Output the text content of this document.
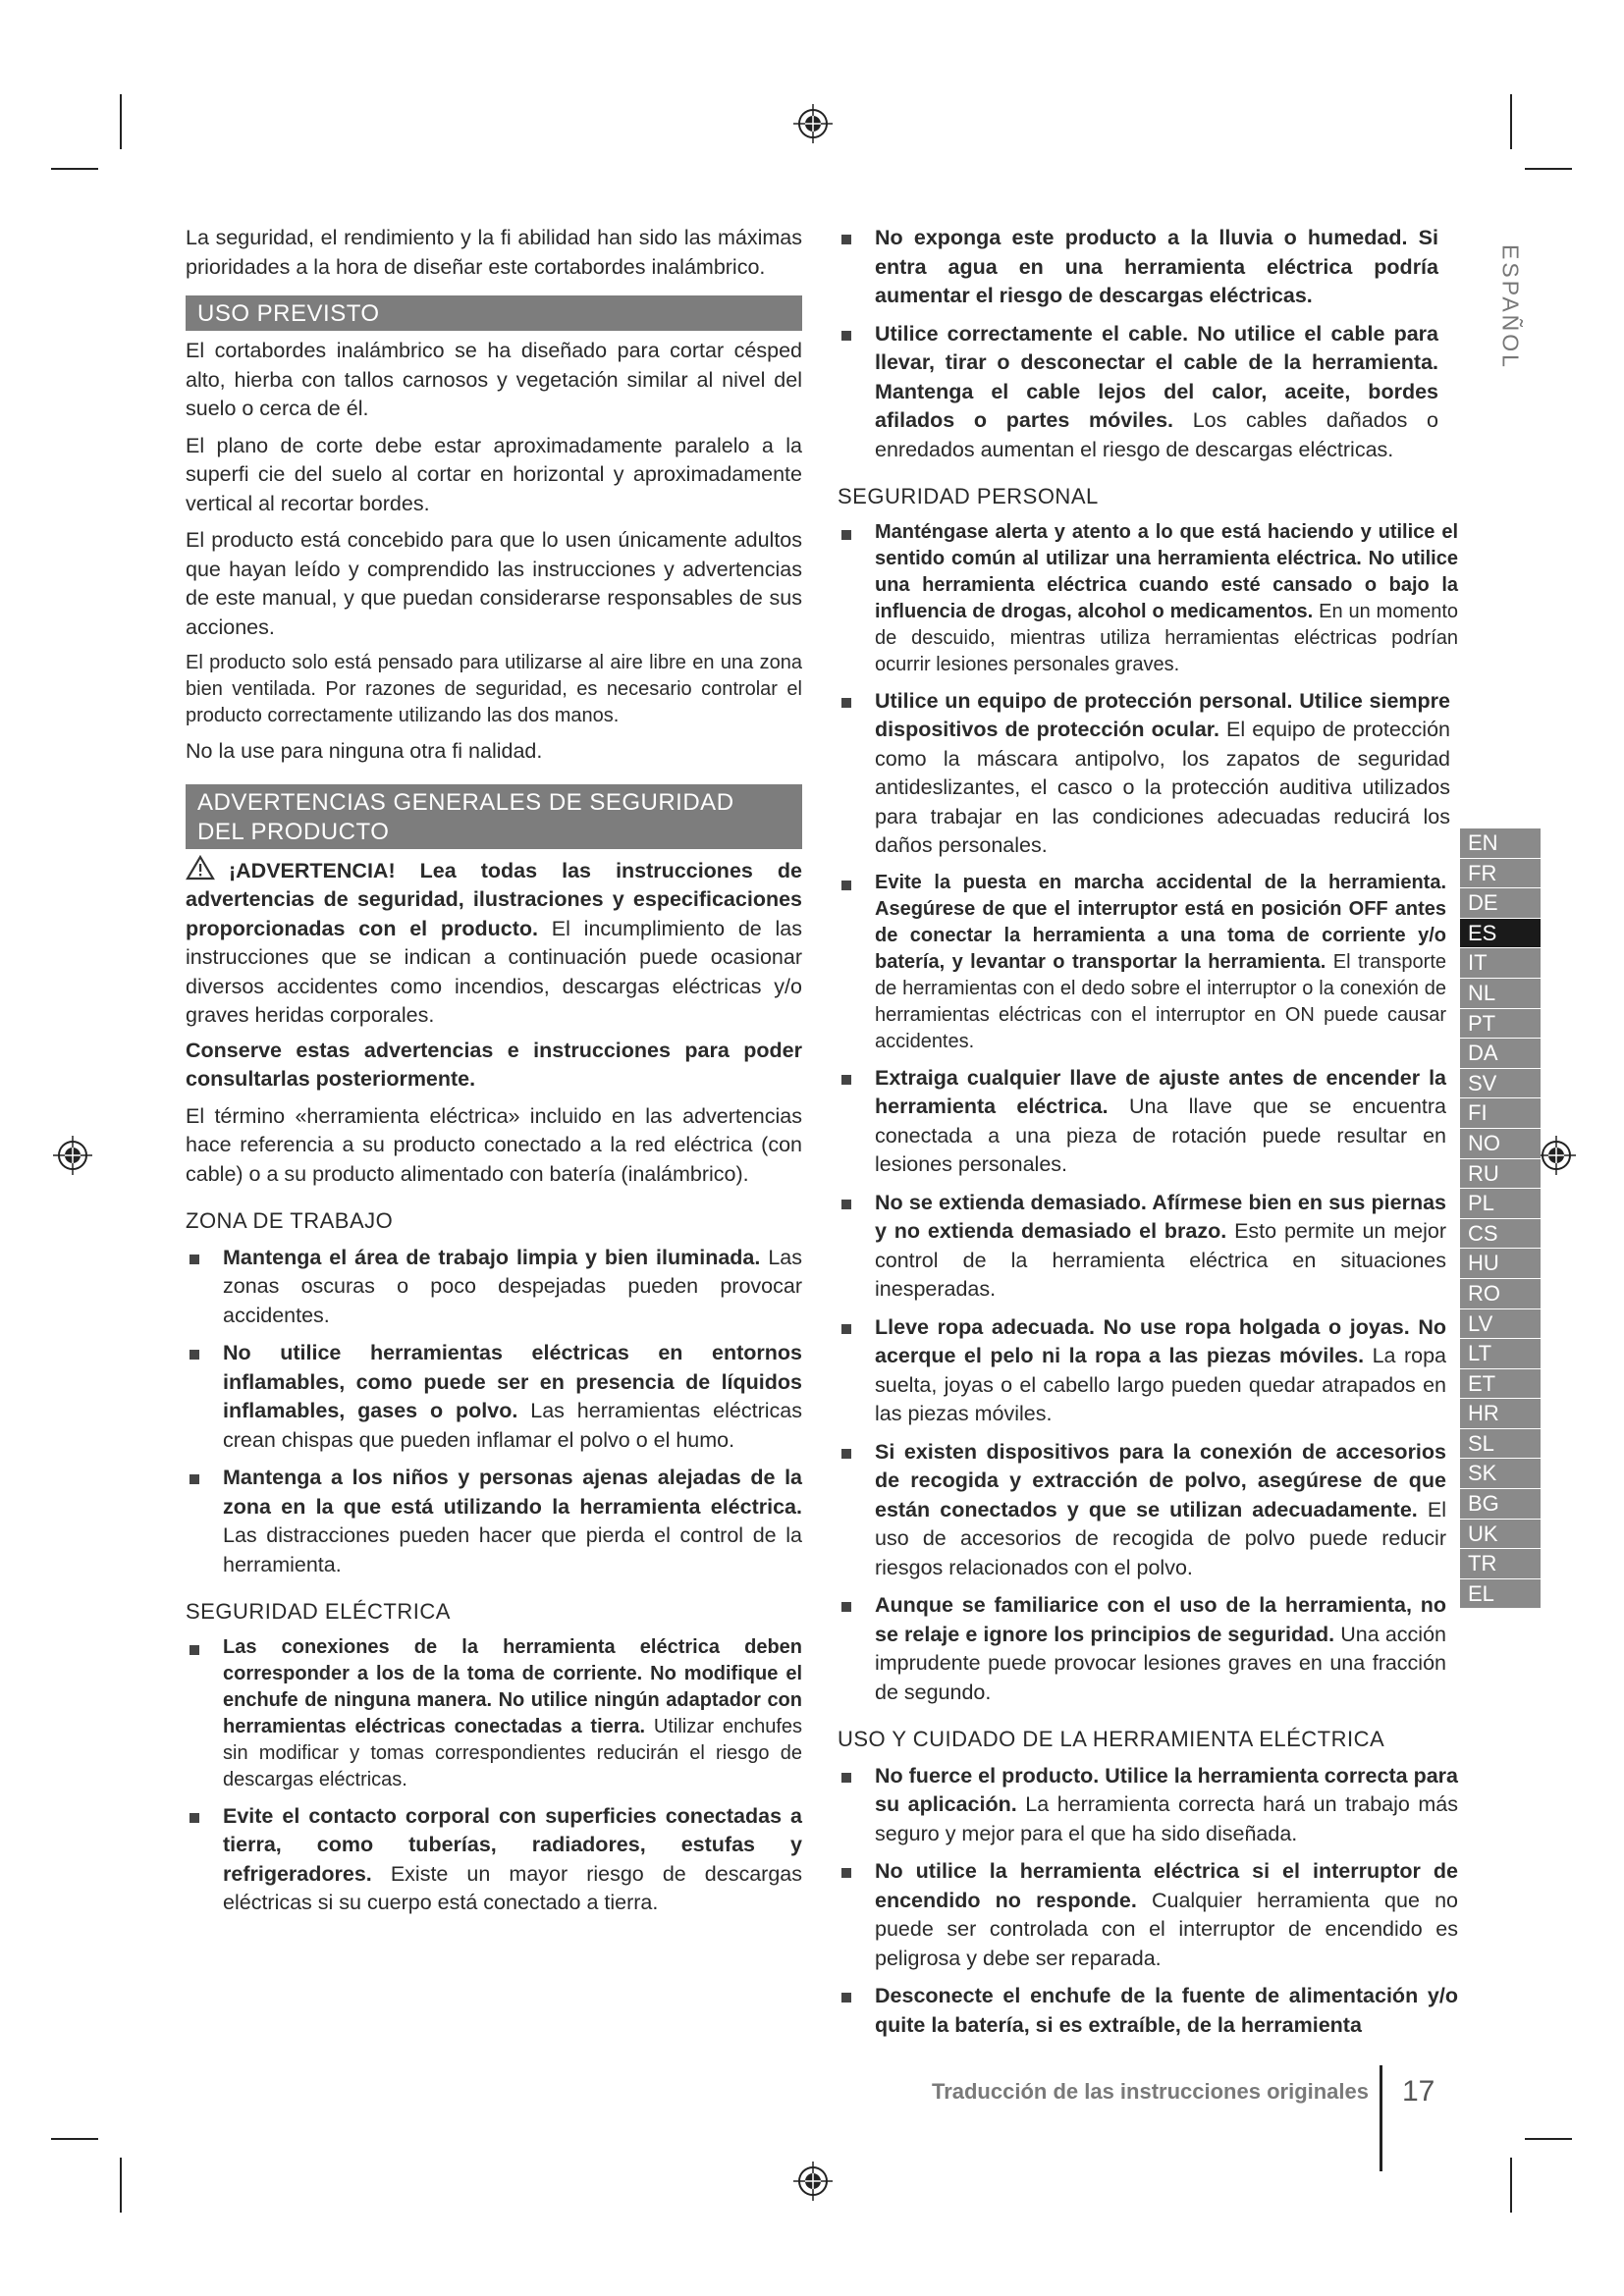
ESPAÑOL
EN
FR
DE
ES
IT
NL
PT
DA
SV
FI
NO
RU
PL
CS
HU
RO
LV
LT
ET
HR
SL
SK
BG
UK
TR
EL

La seguridad, el rendimiento y la fi abilidad han sido las máximas prioridades a la hora de diseñar este cortabordes inalámbrico.

USO PREVISTO

El cortabordes inalámbrico se ha diseñado para cortar césped alto, hierba con tallos carnosos y vegetación similar al nivel del suelo o cerca de él.

El plano de corte debe estar aproximadamente paralelo a la superfi cie del suelo al cortar en horizontal y aproximadamente vertical al recortar bordes.

El producto está concebido para que lo usen únicamente adultos que hayan leído y comprendido las instrucciones y advertencias de este manual, y que puedan considerarse responsables de sus acciones.

El producto solo está pensado para utilizarse al aire libre en una zona bien ventilada. Por razones de seguridad, es necesario controlar el producto correctamente utilizando las dos manos.

No la use para ninguna otra fi nalidad.

ADVERTENCIAS GENERALES DE SEGURIDAD
DEL PRODUCTO

¡ADVERTENCIA! Lea todas las instrucciones de advertencias de seguridad, ilustraciones y especificaciones proporcionadas con el producto. El incumplimiento de las instrucciones que se indican a continuación puede ocasionar diversos accidentes como incendios, descargas eléctricas y/o graves heridas corporales.

Conserve estas advertencias e instrucciones para poder consultarlas posteriormente.

El término «herramienta eléctrica» incluido en las advertencias hace referencia a su producto conectado a la red eléctrica (con cable) o a su producto alimentado con batería (inalámbrico).

ZONA DE TRABAJO
Mantenga el área de trabajo limpia y bien iluminada. Las zonas oscuras o poco despejadas pueden provocar accidentes.
No utilice herramientas eléctricas en entornos inflamables, como puede ser en presencia de líquidos inflamables, gases o polvo. Las herramientas eléctricas crean chispas que pueden inflamar el polvo o el humo.
Mantenga a los niños y personas ajenas alejadas de la zona en la que está utilizando la herramienta eléctrica. Las distracciones pueden hacer que pierda el control de la herramienta.
SEGURIDAD ELÉCTRICA
Las conexiones de la herramienta eléctrica deben corresponder a los de la toma de corriente. No modifique el enchufe de ninguna manera. No utilice ningún adaptador con herramientas eléctricas conectadas a tierra. Utilizar enchufes sin modificar y tomas correspondientes reducirán el riesgo de descargas eléctricas.
Evite el contacto corporal con superficies conectadas a tierra, como tuberías, radiadores, estufas y refrigeradores. Existe un mayor riesgo de descargas eléctricas si su cuerpo está conectado a tierra.
No exponga este producto a la lluvia o humedad. Si entra agua en una herramienta eléctrica podría aumentar el riesgo de descargas eléctricas.
Utilice correctamente el cable. No utilice el cable para llevar, tirar o desconectar el cable de la herramienta. Mantenga el cable lejos del calor, aceite, bordes afilados o partes móviles. Los cables dañados o enredados aumentan el riesgo de descargas eléctricas.
SEGURIDAD PERSONAL
Manténgase alerta y atento a lo que está haciendo y utilice el sentido común al utilizar una herramienta eléctrica. No utilice una herramienta eléctrica cuando esté cansado o bajo la influencia de drogas, alcohol o medicamentos. En un momento de descuido, mientras utiliza herramientas eléctricas podrían ocurrir lesiones personales graves.
Utilice un equipo de protección personal. Utilice siempre dispositivos de protección ocular. El equipo de protección como la máscara antipolvo, los zapatos de seguridad antideslizantes, el casco o la protección auditiva utilizados para trabajar en las condiciones adecuadas reducirá los daños personales.
Evite la puesta en marcha accidental de la herramienta. Asegúrese de que el interruptor está en posición OFF antes de conectar la herramienta a una toma de corriente y/o batería, y levantar o transportar la herramienta. El transporte de herramientas con el dedo sobre el interruptor o la conexión de herramientas eléctricas con el interruptor en ON puede causar accidentes.
Extraiga cualquier llave de ajuste antes de encender la herramienta eléctrica. Una llave que se encuentra conectada a una pieza de rotación puede resultar en lesiones personales.
No se extienda demasiado. Afírmese bien en sus piernas y no extienda demasiado el brazo. Esto permite un mejor control de la herramienta eléctrica en situaciones inesperadas.
Lleve ropa adecuada. No use ropa holgada o joyas. No acerque el pelo ni la ropa a las piezas móviles. La ropa suelta, joyas o el cabello largo pueden quedar atrapados en las piezas móviles.
Si existen dispositivos para la conexión de accesorios de recogida y extracción de polvo, asegúrese de que están conectados y que se utilizan adecuadamente. El uso de accesorios de recogida de polvo puede reducir riesgos relacionados con el polvo.
Aunque se familiarice con el uso de la herramienta, no se relaje e ignore los principios de seguridad. Una acción imprudente puede provocar lesiones graves en una fracción de segundo.
USO Y CUIDADO DE LA HERRAMIENTA ELÉCTRICA
No fuerce el producto. Utilice la herramienta correcta para su aplicación. La herramienta correcta hará un trabajo más seguro y mejor para el que ha sido diseñada.
No utilice la herramienta eléctrica si el interruptor de encendido no responde. Cualquier herramienta que no puede ser controlada con el interruptor de encendido es peligrosa y debe ser reparada.
Desconecte el enchufe de la fuente de alimentación y/o quite la batería, si es extraíble, de la herramienta
Traducción de las instrucciones originales 17
